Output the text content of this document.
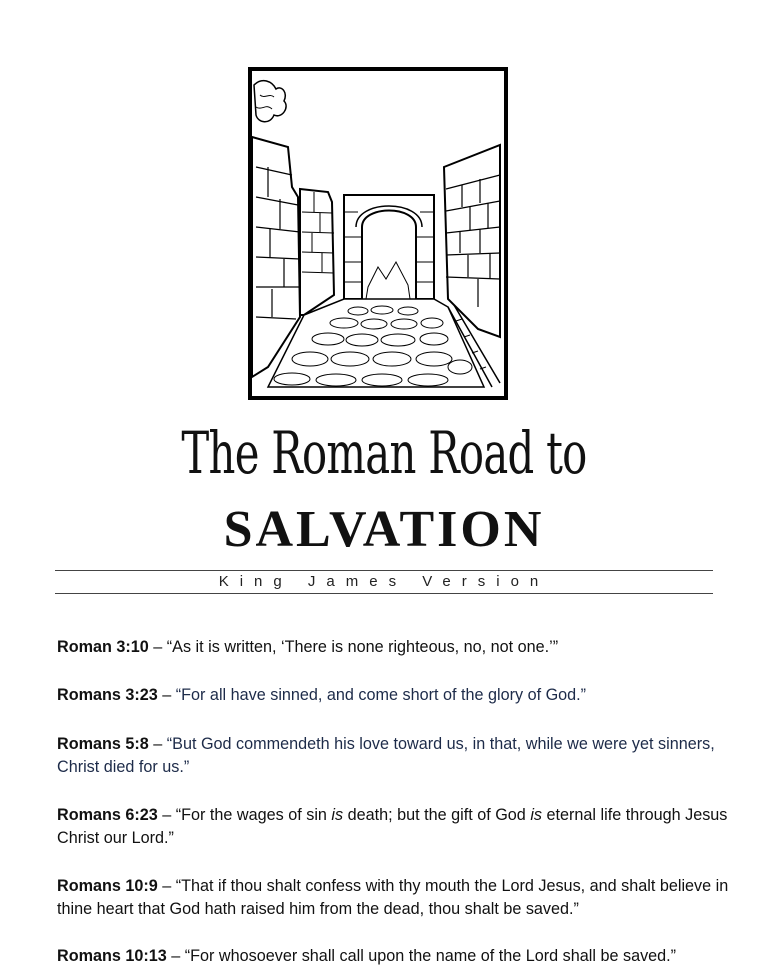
The Roman Road to
SALVATION
King James Version

Roman 3:10 – “As it is written, ‘There is none righteous, no, not one.’”

Romans 3:23 – “For all have sinned, and come short of the glory of God.”

Romans 5:8 – “But God commendeth his love toward us, in that, while we were yet sinners, Christ died for us.”

Romans 6:23 – “For the wages of sin is death; but the gift of God is eternal life through Jesus Christ our Lord.”

Romans 10:9 – “That if thou shalt confess with thy mouth the Lord Jesus, and shalt believe in thine heart that God hath raised him from the dead, thou shalt be saved.”

Romans 10:13 – “For whosoever shall call upon the name of the Lord shall be saved.”
